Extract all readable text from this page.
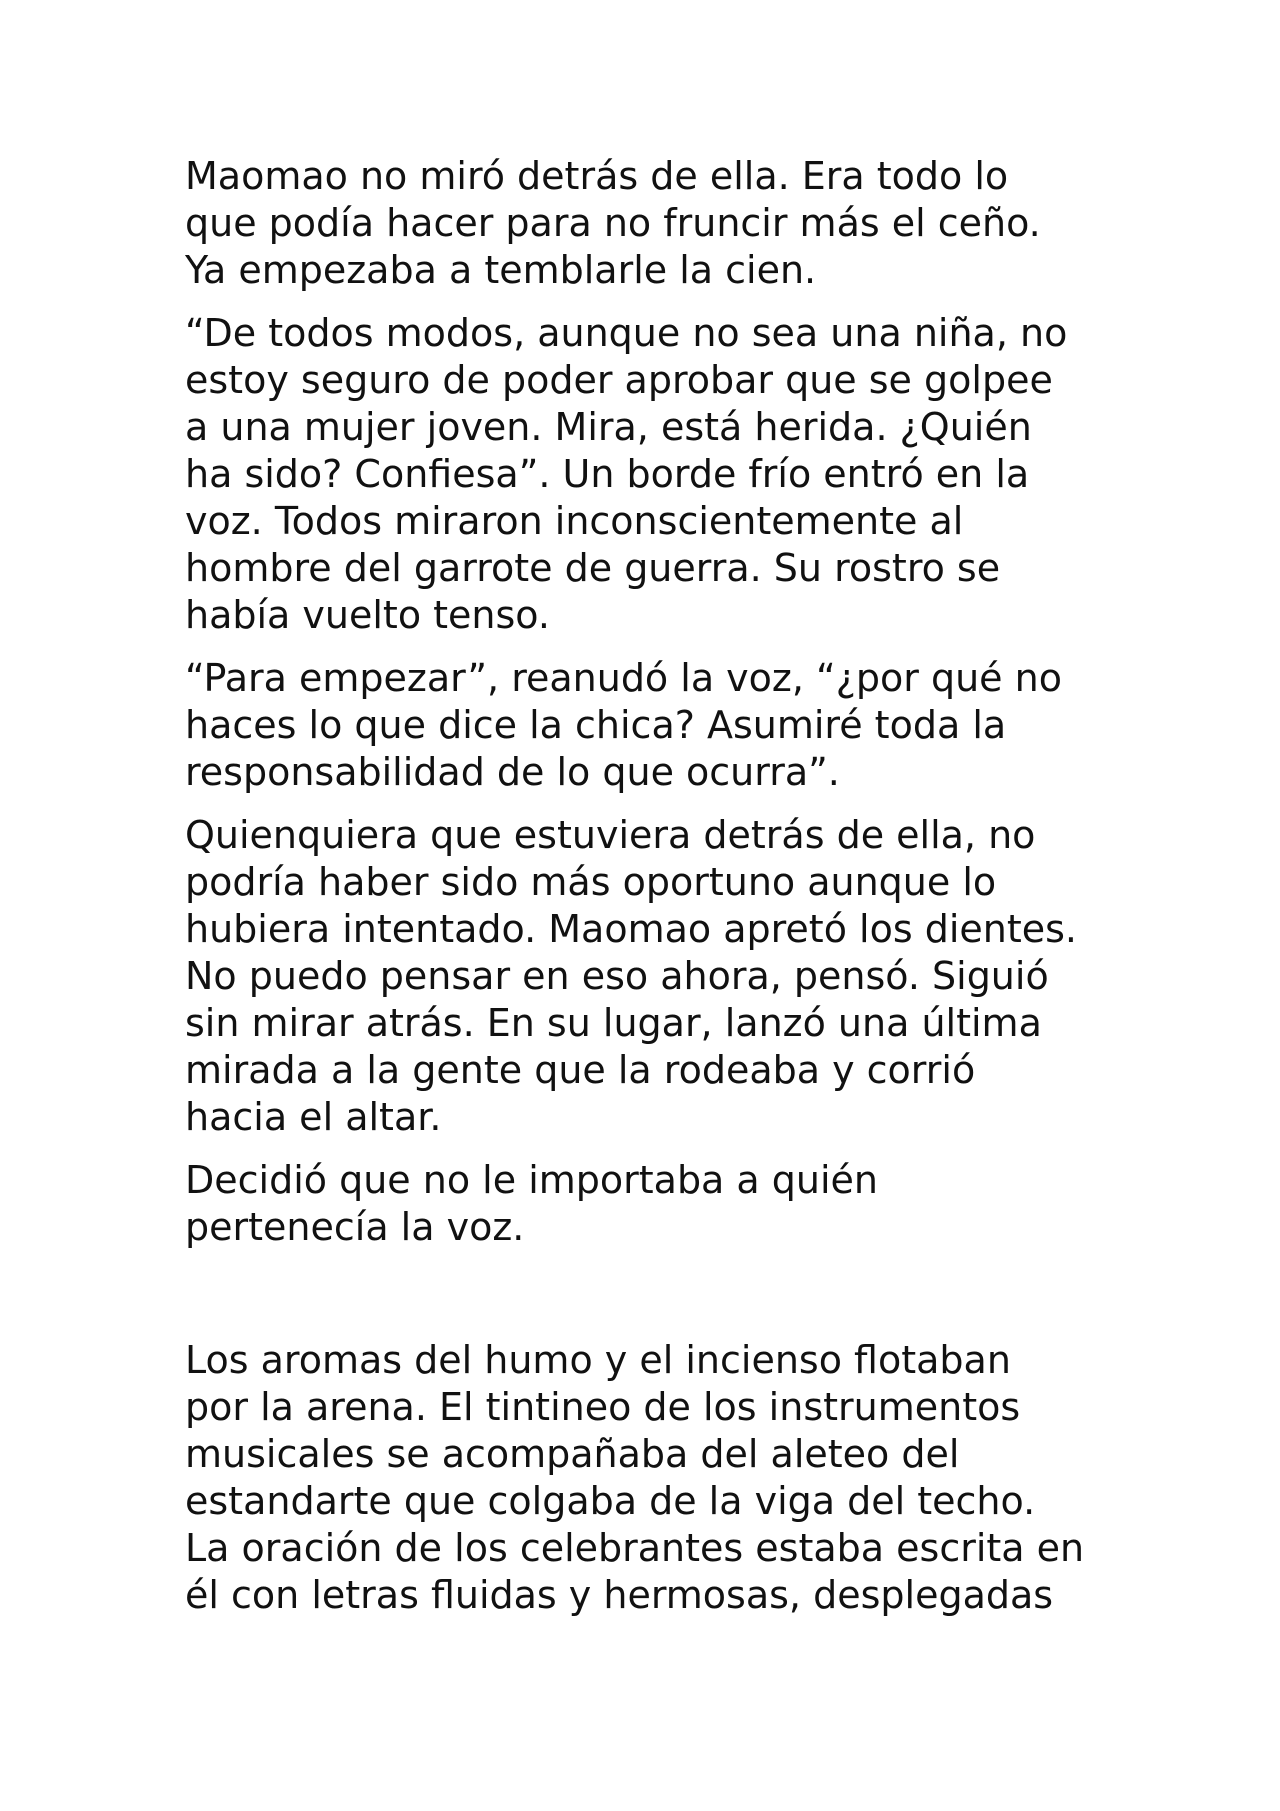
Maomao no miró detrás de ella. Era todo lo
que podía hacer para no fruncir más el ceño.
Ya empezaba a temblarle la cien.

“De todos modos, aunque no sea una niña, no
estoy seguro de poder aprobar que se golpee
a una mujer joven. Mira, está herida. ¿Quién
ha sido? Confiesa”. Un borde frío entró en la
voz. Todos miraron inconscientemente al
hombre del garrote de guerra. Su rostro se
había vuelto tenso.

“Para empezar”, reanudó la voz, “¿por qué no
haces lo que dice la chica? Asumiré toda la
responsabilidad de lo que ocurra”.

Quienquiera que estuviera detrás de ella, no
podría haber sido más oportuno aunque lo
hubiera intentado. Maomao apretó los dientes.
No puedo pensar en eso ahora, pensó. Siguió
sin mirar atrás. En su lugar, lanzó una última
mirada a la gente que la rodeaba y corrió
hacia el altar.

Decidió que no le importaba a quién
pertenecía la voz.

Los aromas del humo y el incienso flotaban
por la arena. El tintineo de los instrumentos
musicales se acompañaba del aleteo del
estandarte que colgaba de la viga del techo.
La oración de los celebrantes estaba escrita en
él con letras fluidas y hermosas, desplegadas
